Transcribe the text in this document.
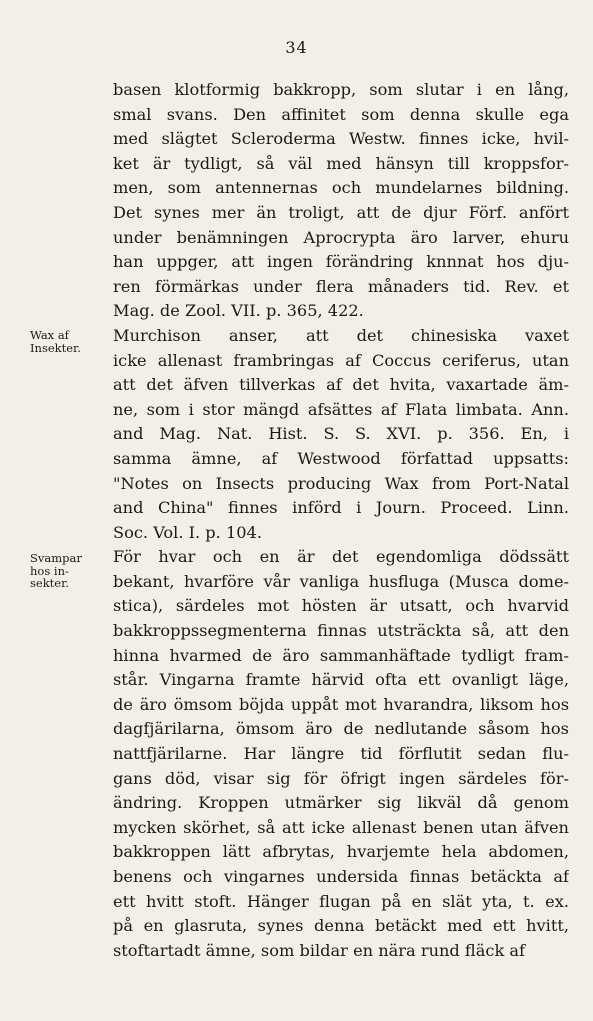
34
Wax af
Insekter.
Svampar
hos in-
sekter.
basen klotformig bakkropp, som slutar i en lång,
smal svans. Den affinitet som denna skulle ega
med slägtet Scleroderma Westw. finnes icke, hvil-
ket är tydligt, så väl med hänsyn till kroppsfor-
men, som antennernas och mundelarnes bildning.
Det synes mer än troligt, att de djur Förf. anfört
under benämningen Aprocrypta äro larver, ehuru
han uppger, att ingen förändring knnnat hos dju-
ren förmärkas under flera månaders tid. Rev. et
Mag. de Zool. VII. p. 365, 422.
Murchison anser, att det chinesiska vaxet
icke allenast frambringas af Coccus ceriferus, utan
att det äfven tillverkas af det hvita, vaxartade äm-
ne, som i stor mängd afsättes af Flata limbata. Ann.
and Mag. Nat. Hist. S. S. XVI. p. 356. En, i
samma ämne, af Westwood författad uppsatts:
"Notes on Insects producing Wax from Port-Natal
and China" finnes införd i Journ. Proceed. Linn.
Soc. Vol. I. p. 104.
För hvar och en är det egendomliga dödssätt
bekant, hvarföre vår vanliga husfluga (Musca dome-
stica), särdeles mot hösten är utsatt, och hvarvid
bakkroppssegmenterna finnas utsträckta så, att den
hinna hvarmed de äro sammanhäftade tydligt fram-
står. Vingarna framte härvid ofta ett ovanligt läge,
de äro ömsom böjda uppåt mot hvarandra, liksom hos
dagfjärilarna, ömsom äro de nedlutande såsom hos
nattfjärilarne. Har längre tid förflutit sedan flu-
gans död, visar sig för öfrigt ingen särdeles för-
ändring. Kroppen utmärker sig likväl då genom
mycken skörhet, så att icke allenast benen utan äfven
bakkroppen lätt afbrytas, hvarjemte hela abdomen,
benens och vingarnes undersida finnas betäckta af
ett hvitt stoft. Hänger flugan på en slät yta, t. ex.
på en glasruta, synes denna betäckt med ett hvitt,
stoftartadt ämne, som bildar en nära rund fläck af
